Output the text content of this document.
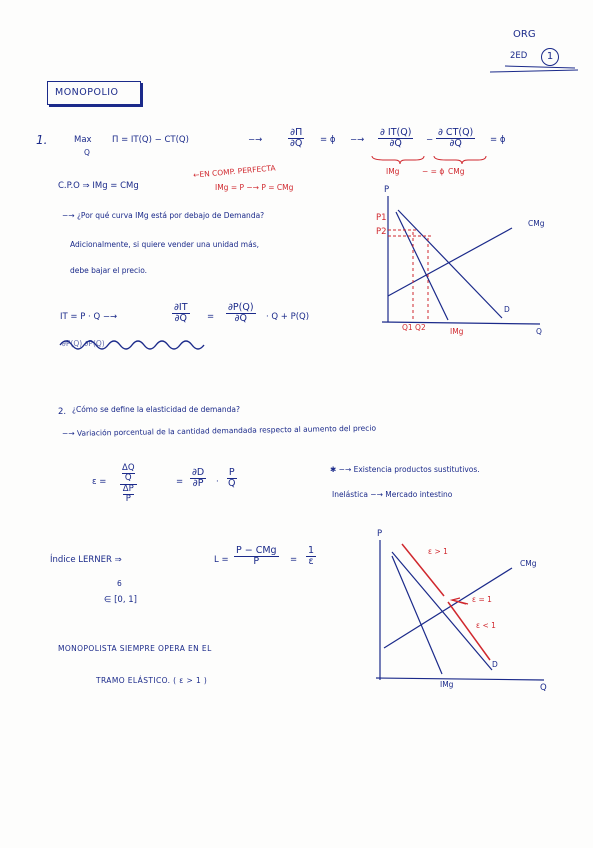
ORG
2ED	1
MONOPOLIO
1.	Max
Q
Π = IT(Q) − CT(Q)	−→	$\frac{\partial\Pi}{\partial Q} = \phi -\to \frac{\partial IT(Q)}{\partial Q} - \frac{\partial CT(Q)}{\partial Q} = \phi$
IMg	CMg
− = ϕ
C.P.O ⇒ IMg = CMg
←EN COMP. PERFECTA
IMg = P −→ P = CMg
−→ ¿Por qué curva IMg está por debajo de Demanda?
Adicionalmente, si quiere vender una unidad más,
debe bajar el precio.
IT = P · Q −→	$\frac{\partial IT}{\partial Q} = \frac{\partial P(Q)}{\partial Q} \cdot Q + P(Q)$
∂P(Q) ∂P(Q)
P
Q
P1
P2
CMg
D
IMg
Q1 Q2
2. ¿Cómo se define la elasticidad de demanda?
−→ Variación porcentual de la cantidad demandada respecto al aumento del precio
$\varepsilon = \frac{\frac{\Delta Q}{Q}}{\frac{\Delta P}{P}}$	= $\frac{\partial D}{\partial P} \cdot \frac{P}{Q}$	✱ −→ Existencia productos sustitutivos.
Inelástica −→ Mercado intestino
Índice LERNER ⇒	L =
P − CMg
P	= $\frac{1}{\varepsilon}$
6
∈ [0, 1]
MONOPOLISTA SIEMPRE OPERA EN EL
TRAMO ELÁSTICO. ( ε > 1 )
P
Q
CMg
D
IMg
ε > 1
ε = 1
ε < 1
